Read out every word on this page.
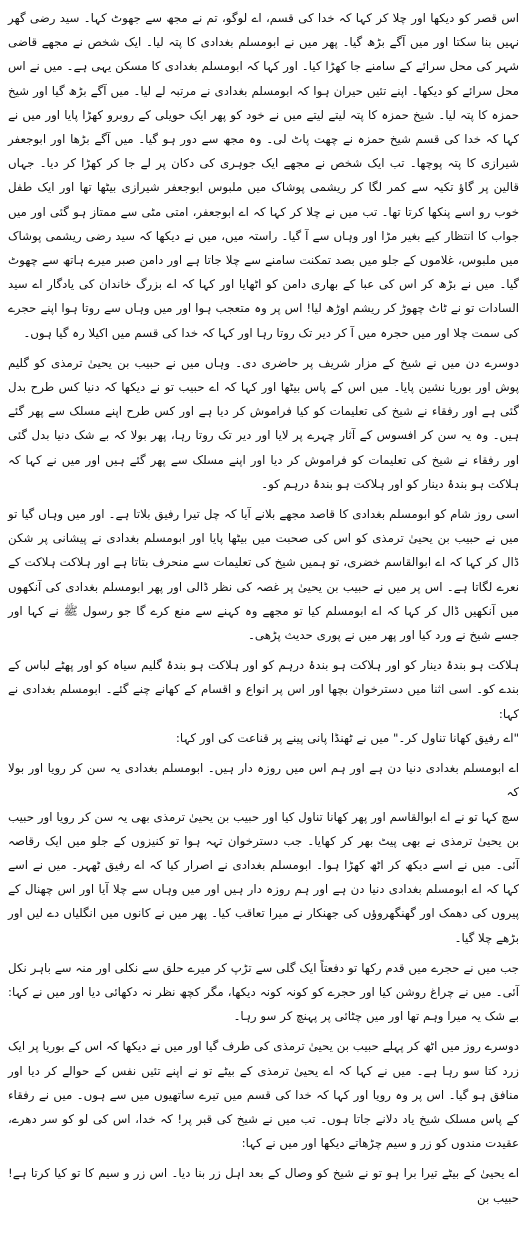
اس قصر کو دیکھا اور چلا کر کہا کہ خدا کی قسم، اے لوگو، تم نے مجھ سے جھوٹ کہا۔ سید رضی گھر نہیں بنا سکتا اور میں آگے بڑھ گیا۔ پھر میں نے ابومسلم بغدادی کا پتہ لیا۔ ایک شخص نے مجھے قاضی شہر کی محل سرائے کے سامنے جا کھڑا کیا۔ اور کہا کہ ابومسلم بغدادی کا مسکن یہی ہے۔ میں نے اس محل سرائے کو دیکھا۔ اپنے تئیں حیران ہوا کہ ابومسلم بغدادی نے مرتبہ لے لیا۔ میں آگے بڑھ گیا اور شیخ حمزہ کا پتہ لیا۔ شیخ حمزہ کا پتہ لیتے لیتے میں نے خود کو پھر ایک حویلی کے روبرو کھڑا پایا اور میں نے کہا کہ خدا کی قسم شیخ حمزہ نے چھت پاٹ لی۔ وہ مجھ سے دور ہو گیا۔ میں آگے بڑھا اور ابوجعفر شیرازی کا پتہ پوچھا۔ تب ایک شخص نے مجھے ایک جوہری کی دکان پر لے جا کر کھڑا کر دیا۔ جہاں قالین پر گاؤ تکیہ سے کمر لگا کر ریشمی پوشاک میں ملبوس ابوجعفر شیرازی بیٹھا تھا اور ایک طفل خوب رو اسے پنکھا کرتا تھا۔ تب میں نے چلا کر کہا کہ اے ابوجعفر، امتی مٹی سے ممتاز ہو گئی اور میں جواب کا انتظار کیے بغیر مڑا اور وہاں سے آ گیا۔ راستہ میں، میں نے دیکھا کہ سید رضی ریشمی پوشاک میں ملبوس، غلاموں کے جلو میں بصد تمکنت سامنے سے چلا جاتا ہے اور دامن صبر میرے ہاتھ سے چھوٹ گیا۔ میں نے بڑھ کر اس کی عبا کے بھاری دامن کو اٹھایا اور کہا کہ اے بزرگ خاندان کی یادگار اے سید السادات تو نے ٹاٹ چھوڑ کر ریشم اوڑھ لیا! اس پر وہ متعجب ہوا اور میں وہاں سے روتا ہوا اپنے حجرے کی سمت چلا اور میں حجرہ میں آ کر دیر تک روتا رہا اور کہا کہ خدا کی قسم میں اکیلا رہ گیا ہوں۔

دوسرے دن میں نے شیخ کے مزار شریف پر حاضری دی۔ وہاں میں نے حبیب بن یحییٰ ترمذی کو گلیم پوش اور بوریا نشین پایا۔ میں اس کے پاس بیٹھا اور کہا کہ اے حبیب تو نے دیکھا کہ دنیا کس طرح بدل گئی ہے اور رفقاء نے شیخ کی تعلیمات کو کیا فراموش کر دیا ہے اور کس طرح اپنے مسلک سے پھر گئے ہیں۔ وہ یہ سن کر افسوس کے آثار چہرے پر لایا اور دیر تک روتا رہا، پھر بولا کہ بے شک دنیا بدل گئی اور رفقاء نے شیخ کی تعلیمات کو فراموش کر دیا اور اپنے مسلک سے پھر گئے ہیں اور میں نے کہا کہ ہلاکت ہو بندۂ دینار کو اور ہلاکت ہو بندۂ درہم کو۔

اسی روز شام کو ابومسلم بغدادی کا قاصد مجھے بلانے آیا کہ چل تیرا رفیق بلاتا ہے۔ اور میں وہاں گیا تو میں نے حبیب بن یحییٰ ترمذی کو اس کی صحبت میں بیٹھا پایا اور ابومسلم بغدادی نے پیشانی پر شکن ڈال کر کہا کہ اے ابوالقاسم خضری، تو ہمیں شیخ کی تعلیمات سے منحرف بتاتا ہے اور ہلاکت ہلاکت کے نعرے لگاتا ہے۔ اس پر میں نے حبیب بن یحییٰ پر غصہ کی نظر ڈالی اور پھر ابومسلم بغدادی کی آنکھوں میں آنکھیں ڈال کر کہا کہ اے ابومسلم کیا تو مجھے وہ کہنے سے منع کرے گا جو رسول ﷺ نے کہا اور جسے شیخ نے ورد کیا اور پھر میں نے پوری حدیث پڑھی۔

ہلاکت ہو بندۂ دینار کو اور ہلاکت ہو بندۂ درہم کو اور ہلاکت ہو بندۂ گلیم سیاہ کو اور پھٹے لباس کے بندے کو۔ اسی اثنا میں دسترخوان بچھا اور اس پر انواع و اقسام کے کھانے چنے گئے۔ ابومسلم بغدادی نے کہا:

"اے رفیق کھانا تناول کر۔" میں نے ٹھنڈا پانی پینے پر قناعت کی اور کہا:

اے ابومسلم بغدادی دنیا دن ہے اور ہم اس میں روزہ دار ہیں۔ ابومسلم بغدادی یہ سن کر رویا اور بولا کہ

سچ کہا تو نے اے ابوالقاسم اور پھر کھانا تناول کیا اور حبیب بن یحییٰ ترمذی بھی یہ سن کر رویا اور حبیب بن یحییٰ ترمذی نے بھی پیٹ بھر کر کھایا۔ جب دسترخوان تہہ ہوا تو کنیزوں کے جلو میں ایک رقاصہ آئی۔ میں نے اسے دیکھ کر اٹھ کھڑا ہوا۔ ابومسلم بغدادی نے اصرار کیا کہ اے رفیق ٹھہر۔ میں نے اسے کہا کہ اے ابومسلم بغدادی دنیا دن ہے اور ہم روزہ دار ہیں اور میں وہاں سے چلا آیا اور اس چھنال کے پیروں کی دھمک اور گھنگھروؤں کی جھنکار نے میرا تعاقب کیا۔ پھر میں نے کانوں میں انگلیاں دے لیں اور بڑھے چلا گیا۔

جب میں نے حجرے میں قدم رکھا تو دفعتاً ایک گلی سے تڑپ کر میرے حلق سے نکلی اور منہ سے باہر نکل آئی۔ میں نے چراغ روشن کیا اور حجرے کو کونہ کونہ دیکھا، مگر کچھ نظر نہ دکھائی دیا اور میں نے کہا: بے شک یہ میرا وہم تھا اور میں چٹائی پر پہنچ کر سو رہا۔

دوسرے روز میں اٹھ کر پہلے حبیب بن یحییٰ ترمذی کی طرف گیا اور میں نے دیکھا کہ اس کے بوریا پر ایک زرد کتا سو رہا ہے۔ میں نے کہا کہ اے یحییٰ ترمذی کے بیٹے تو نے اپنے تئیں نفس کے حوالے کر دیا اور منافق ہو گیا۔ اس پر وہ رویا اور کہا کہ خدا کی قسم میں تیرے ساتھیوں میں سے ہوں۔ میں نے رفقاء کے پاس مسلک شیخ یاد دلانے جاتا ہوں۔ تب میں نے شیخ کی قبر پر! کہ خدا، اس کی لو کو سر دھرے، عقیدت مندوں کو زر و سیم چڑھاتے دیکھا اور میں نے کہا:

اے یحییٰ کے بیٹے تیرا برا ہو تو نے شیخ کو وصال کے بعد اہل زر بنا دیا۔ اس زر و سیم کا تو کیا کرتا ہے! حبیب بن
